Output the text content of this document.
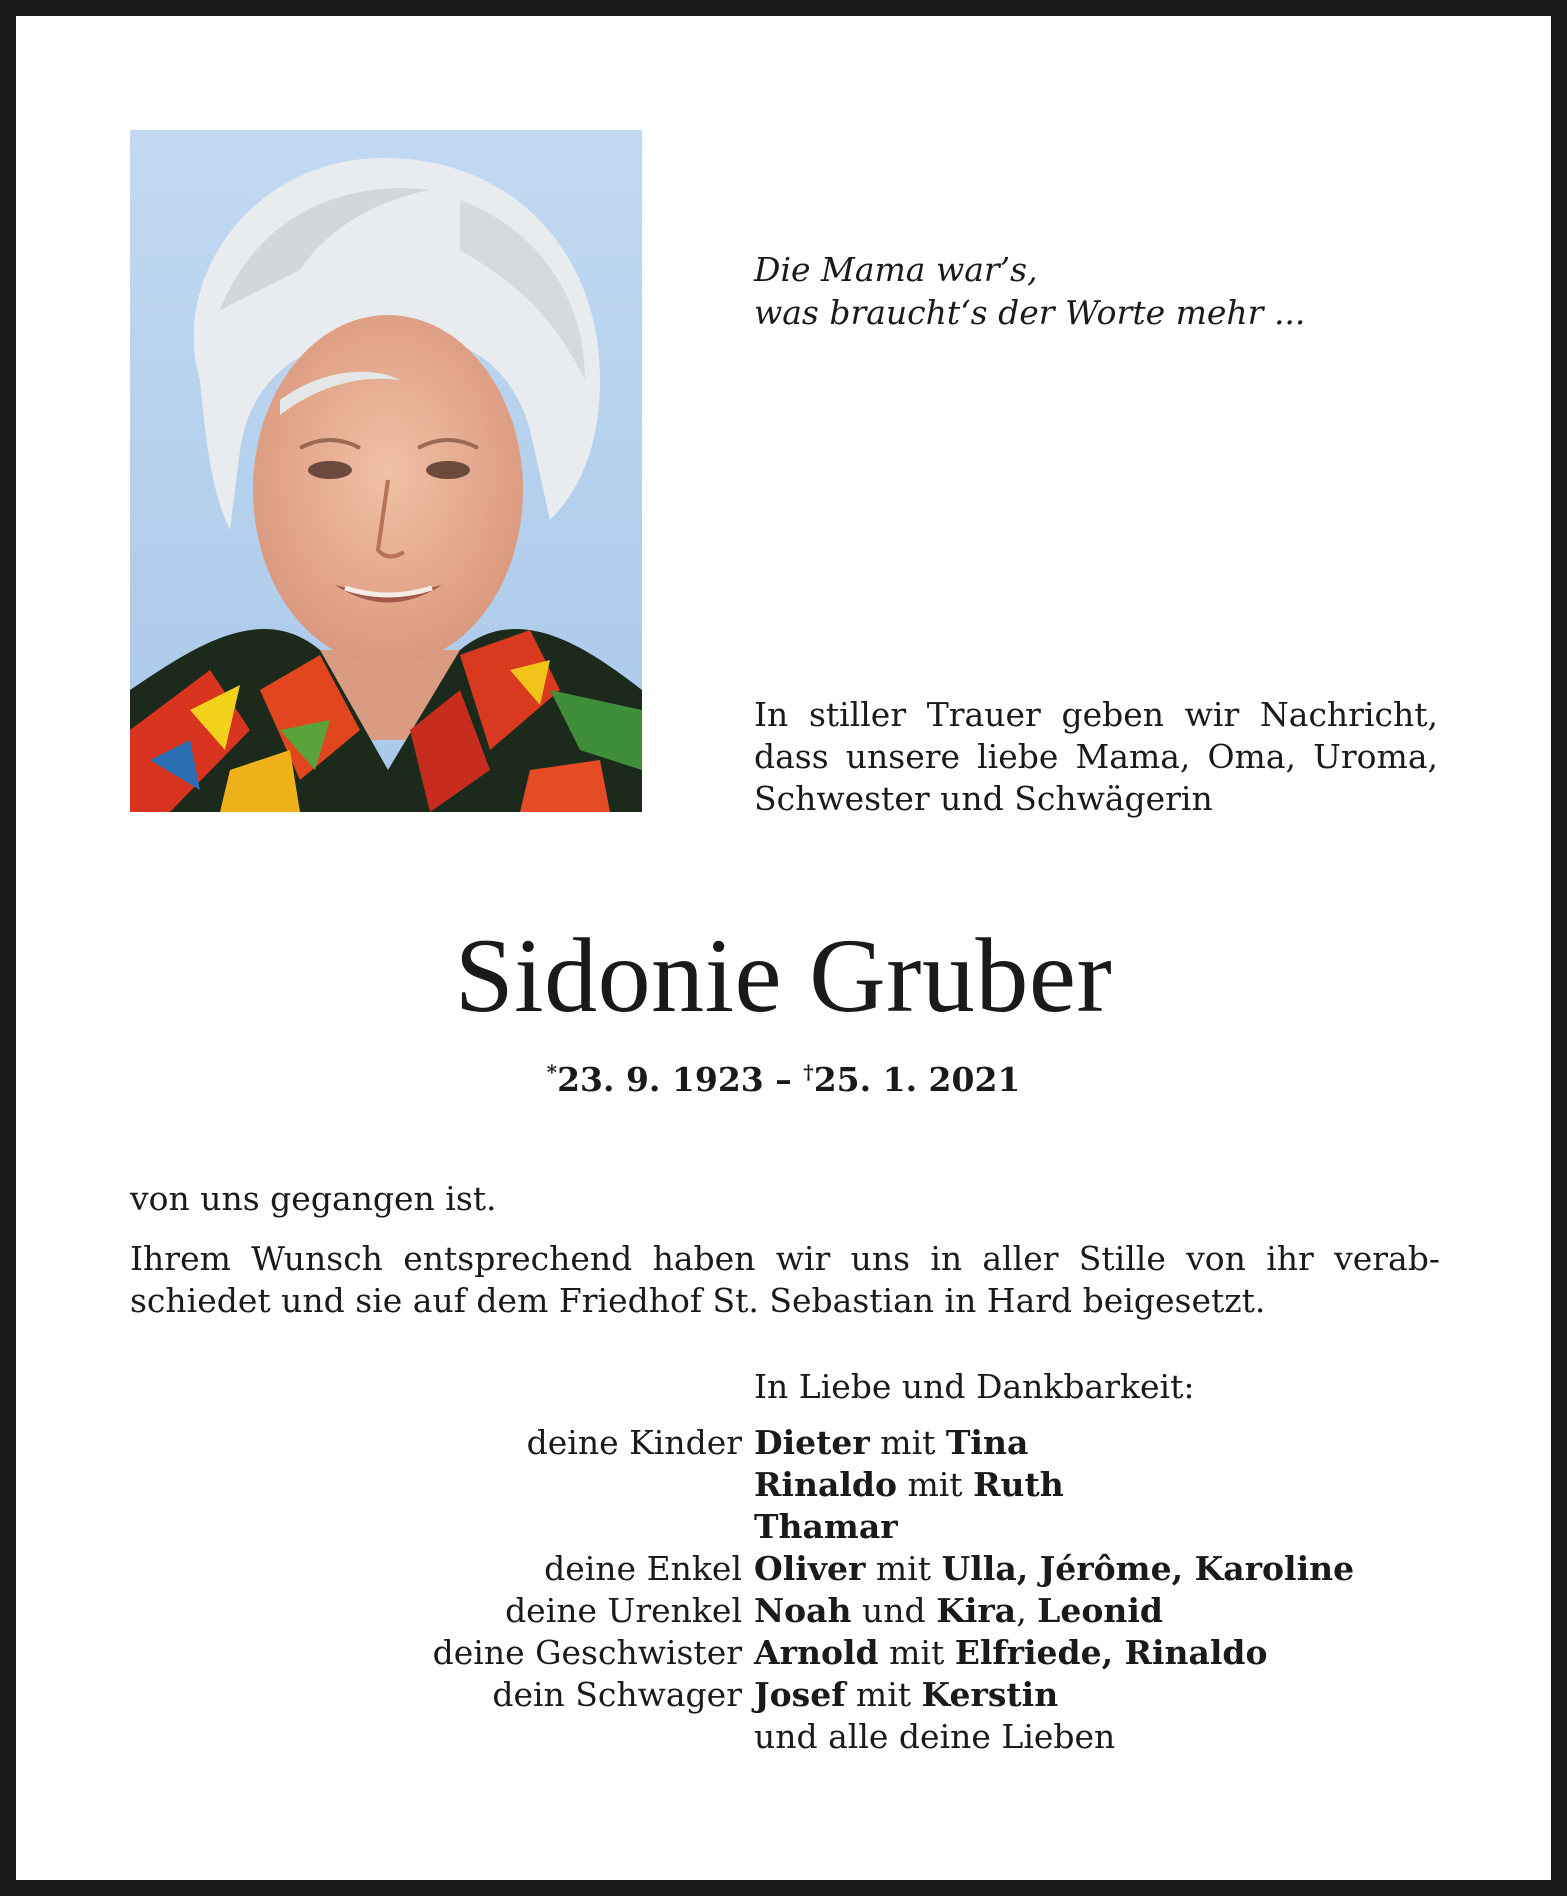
Die Mama war’s,
was braucht‘s der Worte mehr ...
In stiller Trauer geben wir Nachricht,
dass unsere liebe Mama, Oma, Uroma,
Schwester und Schwägerin
Sidonie Gruber
*23. 9. 1923 – †25. 1. 2021
von uns gegangen ist.
Ihrem Wunsch entsprechend haben wir uns in aller Stille von ihr verab-
schiedet und sie auf dem Friedhof St. Sebastian in Hard beigesetzt.
In Liebe und Dankbarkeit:
deine Kinder Dieter mit Tina
Rinaldo mit Ruth
Thamar
deine Enkel Oliver mit Ulla, Jérôme, Karoline
deine Urenkel Noah und Kira, Leonid
deine Geschwister Arnold mit Elfriede, Rinaldo
dein Schwager Josef mit Kerstin
und alle deine Lieben
